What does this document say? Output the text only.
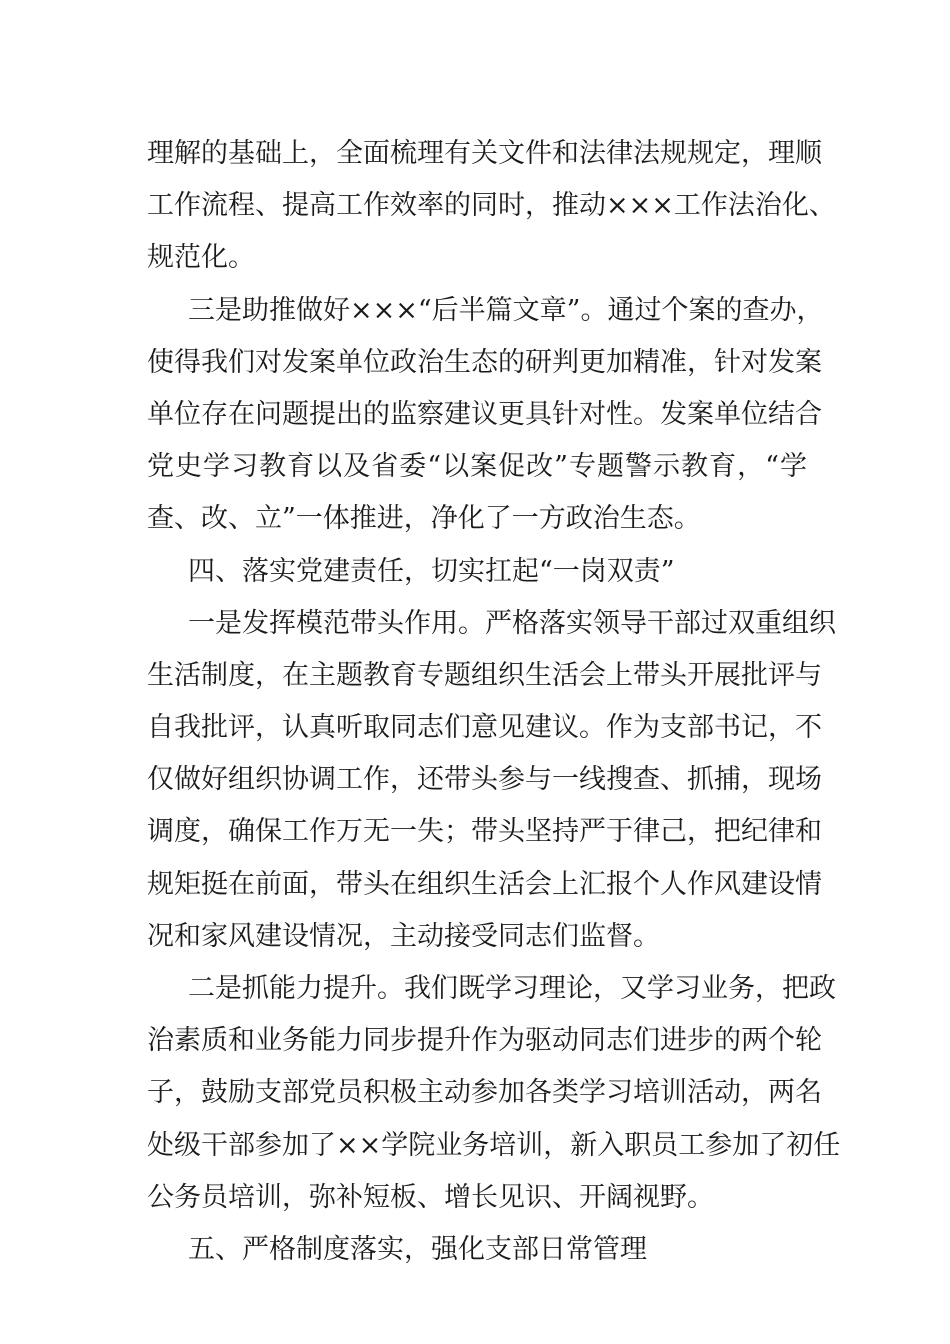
理解的基础上，全面梳理有关文件和法律法规规定，理顺
工作流程、提高工作效率的同时，推动×××工作法治化、
规范化。
三是助推做好×××“后半篇文章”。通过个案的查办，
使得我们对发案单位政治生态的研判更加精准，针对发案
单位存在问题提出的监察建议更具针对性。发案单位结合
党史学习教育以及省委“以案促改”专题警示教育，“学
查、改、立”一体推进，净化了一方政治生态。
四、落实党建责任，切实扛起“一岗双责”
一是发挥模范带头作用。严格落实领导干部过双重组织
生活制度，在主题教育专题组织生活会上带头开展批评与
自我批评，认真听取同志们意见建议。作为支部书记，不
仅做好组织协调工作，还带头参与一线搜查、抓捕，现场
调度，确保工作万无一失；带头坚持严于律己，把纪律和
规矩挺在前面，带头在组织生活会上汇报个人作风建设情
况和家风建设情况，主动接受同志们监督。
二是抓能力提升。我们既学习理论，又学习业务，把政
治素质和业务能力同步提升作为驱动同志们进步的两个轮
子，鼓励支部党员积极主动参加各类学习培训活动，两名
处级干部参加了××学院业务培训，新入职员工参加了初任
公务员培训，弥补短板、增长见识、开阔视野。
五、严格制度落实，强化支部日常管理
